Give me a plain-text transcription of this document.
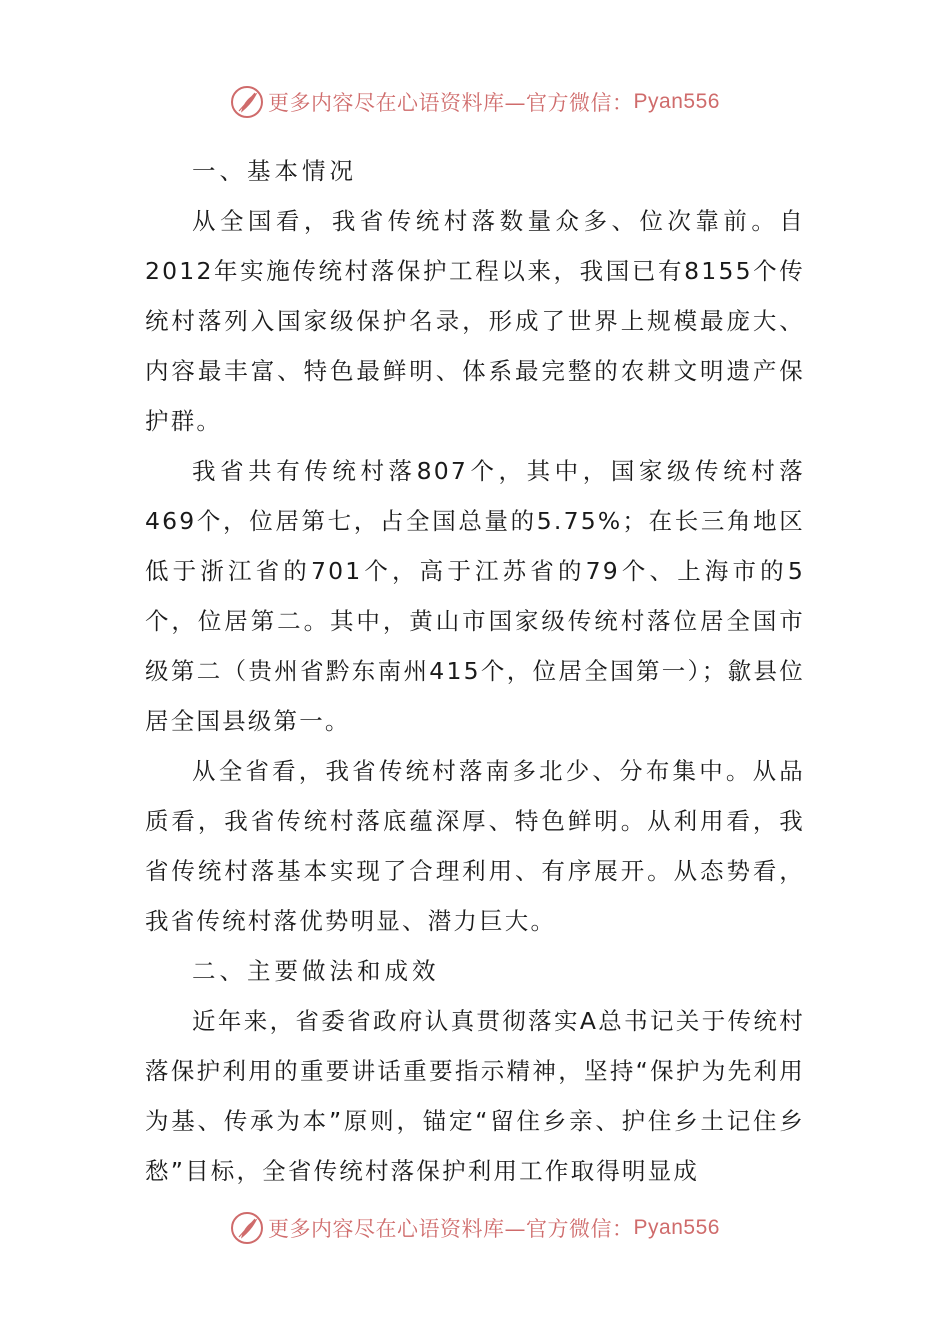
更多内容尽在心语资料库—官方微信： Pyan556

一、基本情况

从全国看，我省传统村落数量众多、位次靠前。自2012年实施传统村落保护工程以来，我国已有8155个传统村落列入国家级保护名录，形成了世界上规模最庞大、内容最丰富、特色最鲜明、体系最完整的农耕文明遗产保护群。

我省共有传统村落807个，其中，国家级传统村落469个，位居第七，占全国总量的5.75%；在长三角地区低于浙江省的701个，高于江苏省的79个、上海市的5个，位居第二。其中，黄山市国家级传统村落位居全国市级第二（贵州省黔东南州415个，位居全国第一）；歙县位居全国县级第一。

从全省看，我省传统村落南多北少、分布集中。从品质看，我省传统村落底蕴深厚、特色鲜明。从利用看，我省传统村落基本实现了合理利用、有序展开。从态势看，我省传统村落优势明显、潜力巨大。

二、主要做法和成效

近年来，省委省政府认真贯彻落实A总书记关于传统村落保护利用的重要讲话重要指示精神，坚持“保护为先利用为基、传承为本”原则，锚定“留住乡亲、护住乡土记住乡愁”目标，全省传统村落保护利用工作取得明显成

更多内容尽在心语资料库—官方微信： Pyan556
